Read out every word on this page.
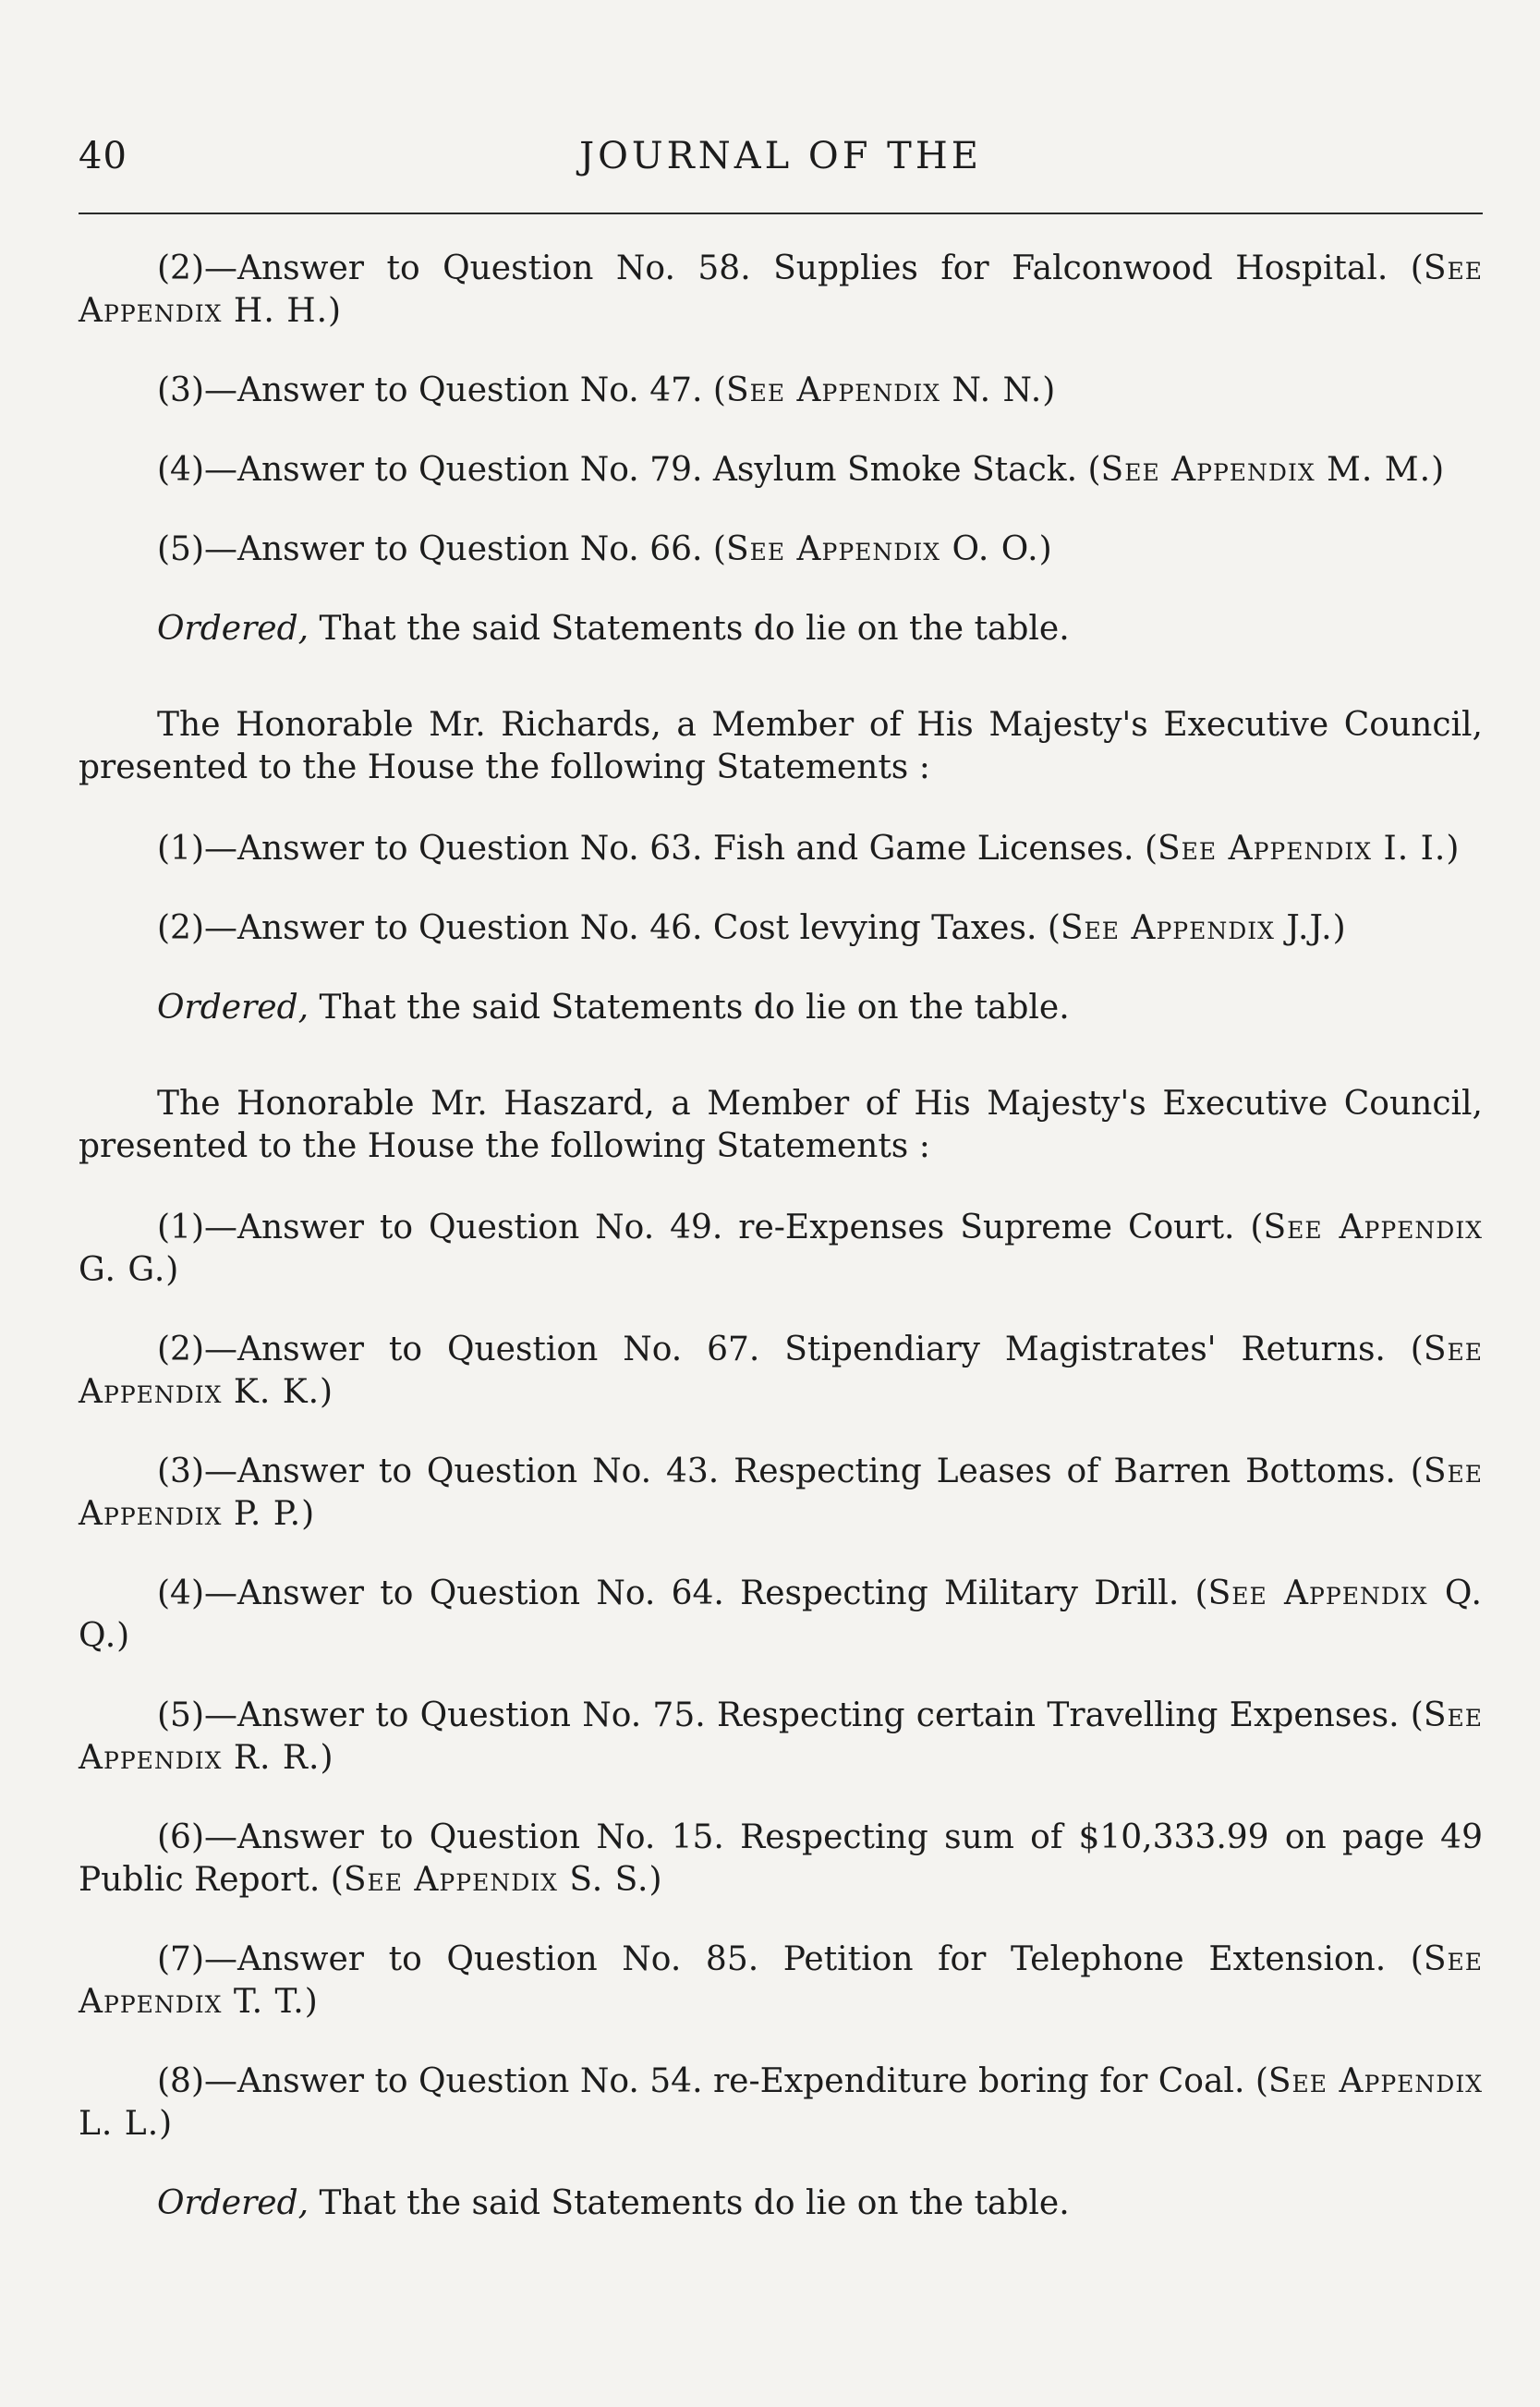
40	JOURNAL OF THE

(2)—Answer to Question No. 58. Supplies for Falconwood Hospital. (See Appendix H. H.)

(3)—Answer to Question No. 47. (See Appendix N. N.)

(4)—Answer to Question No. 79. Asylum Smoke Stack. (See Appendix M. M.)

(5)—Answer to Question No. 66. (See Appendix O. O.)

Ordered, That the said Statements do lie on the table.

The Honorable Mr. Richards, a Member of His Majesty's Executive Council, presented to the House the following Statements :

(1)—Answer to Question No. 63. Fish and Game Licenses. (See Appendix I. I.)

(2)—Answer to Question No. 46. Cost levying Taxes. (See Appendix J.J.)

Ordered, That the said Statements do lie on the table.

The Honorable Mr. Haszard, a Member of His Majesty's Executive Council, presented to the House the following Statements :

(1)—Answer to Question No. 49. re-Expenses Supreme Court. (See Appendix G. G.)

(2)—Answer to Question No. 67. Stipendiary Magistrates' Returns. (See Appendix K. K.)

(3)—Answer to Question No. 43. Respecting Leases of Barren Bottoms. (See Appendix P. P.)

(4)—Answer to Question No. 64. Respecting Military Drill. (See Appendix Q. Q.)

(5)—Answer to Question No. 75. Respecting certain Travelling Expenses. (See Appendix R. R.)

(6)—Answer to Question No. 15. Respecting sum of $10,333.99 on page 49 Public Report. (See Appendix S. S.)

(7)—Answer to Question No. 85. Petition for Telephone Extension. (See Appendix T. T.)

(8)—Answer to Question No. 54. re-Expenditure boring for Coal. (See Appendix L. L.)

Ordered, That the said Statements do lie on the table.
